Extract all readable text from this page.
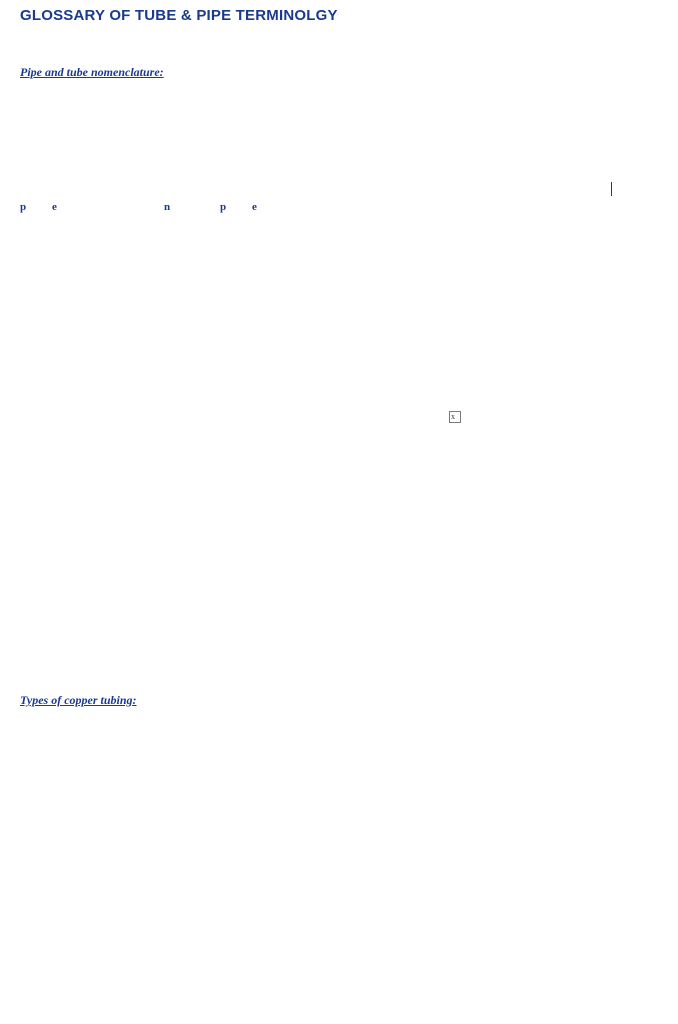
GLOSSARY OF TUBE & PIPE TERMINOLGY
Pipe and tube nomenclature:
p e	n	p e
x
Types of copper tubing:
